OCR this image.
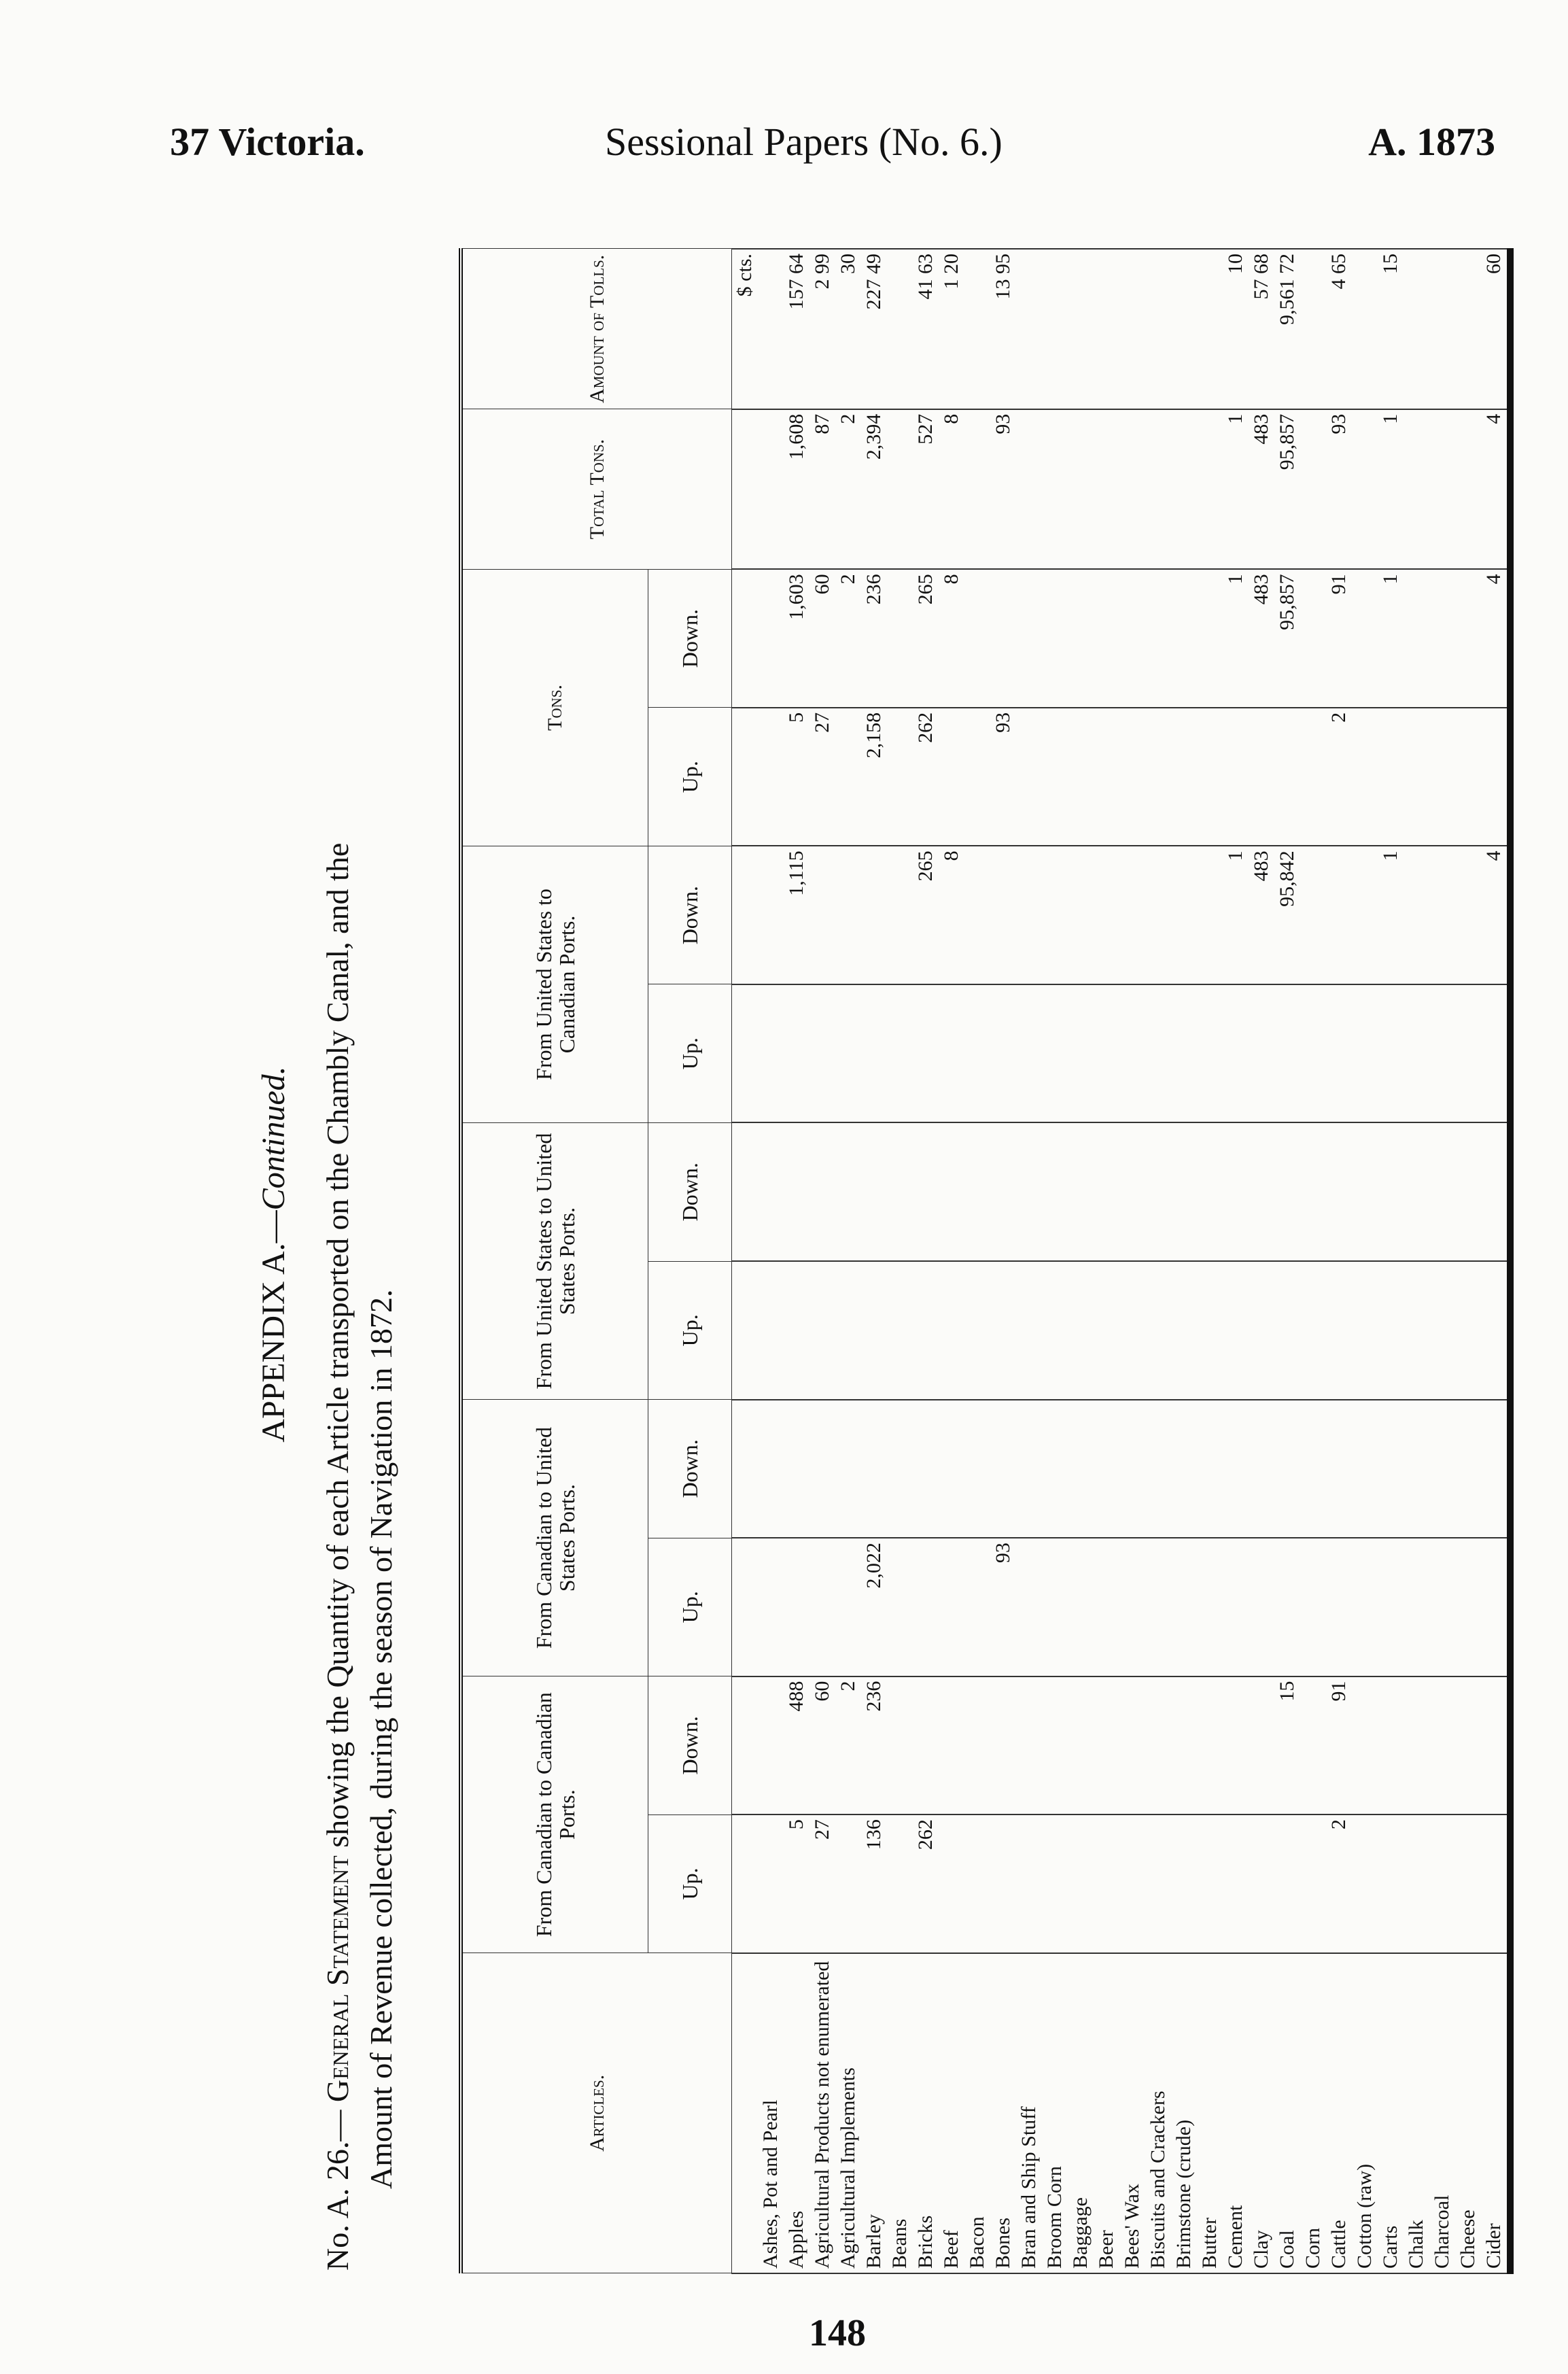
37 Victoria.	Sessional Papers (No. 6.)	A. 1873
APPENDIX A.—Continued.
No. A. 26.— General Statement showing the Quantity of each Article transported on the Chambly Canal, and the Amount of Revenue collected, during the season of Navigation in 1872.	Articles.	From Canadian to Canadian Ports.		From Canadian to United States Ports.		From United States to United States Ports.		From United States to Canadian Ports.		Tons.		Total Tons.	Amount of Tolls.
	Up.	Down.	Up.	Down.	Up.	Down.	Up.	Down.	Up.	Down.		
												$ cts.
Ashes, Pot and Pearl												
Apples	5	488						1,115	5	1,603	1,608	157 64
Agricultural Products not enumerated	27	60							27	60	87	2 99
Agricultural Implements		2								2	2	30
Barley	136	236	2,022						2,158	236	2,394	227 49
Beans												
Bricks	262							265	262	265	527	41 63
Beef								8		8	8	1 20
Bacon												
Bones			93						93		93	13 95
Bran and Ship Stuff												
Broom Corn												
Baggage												
Beer												
Bees' Wax												
Biscuits and Crackers												
Brimstone (crude)												
Butter												
Cement								1		1	1	10
Clay								483		483	483	57 68
Coal		15						95,842		95,857	95,857	9,561 72
Corn												
Cattle	2	91							2	91	93	4 65
Cotton (raw)												
Carts								1		1	1	15
Chalk												
Charcoal												
Cheese												
Cider								4		4	4	60
148
